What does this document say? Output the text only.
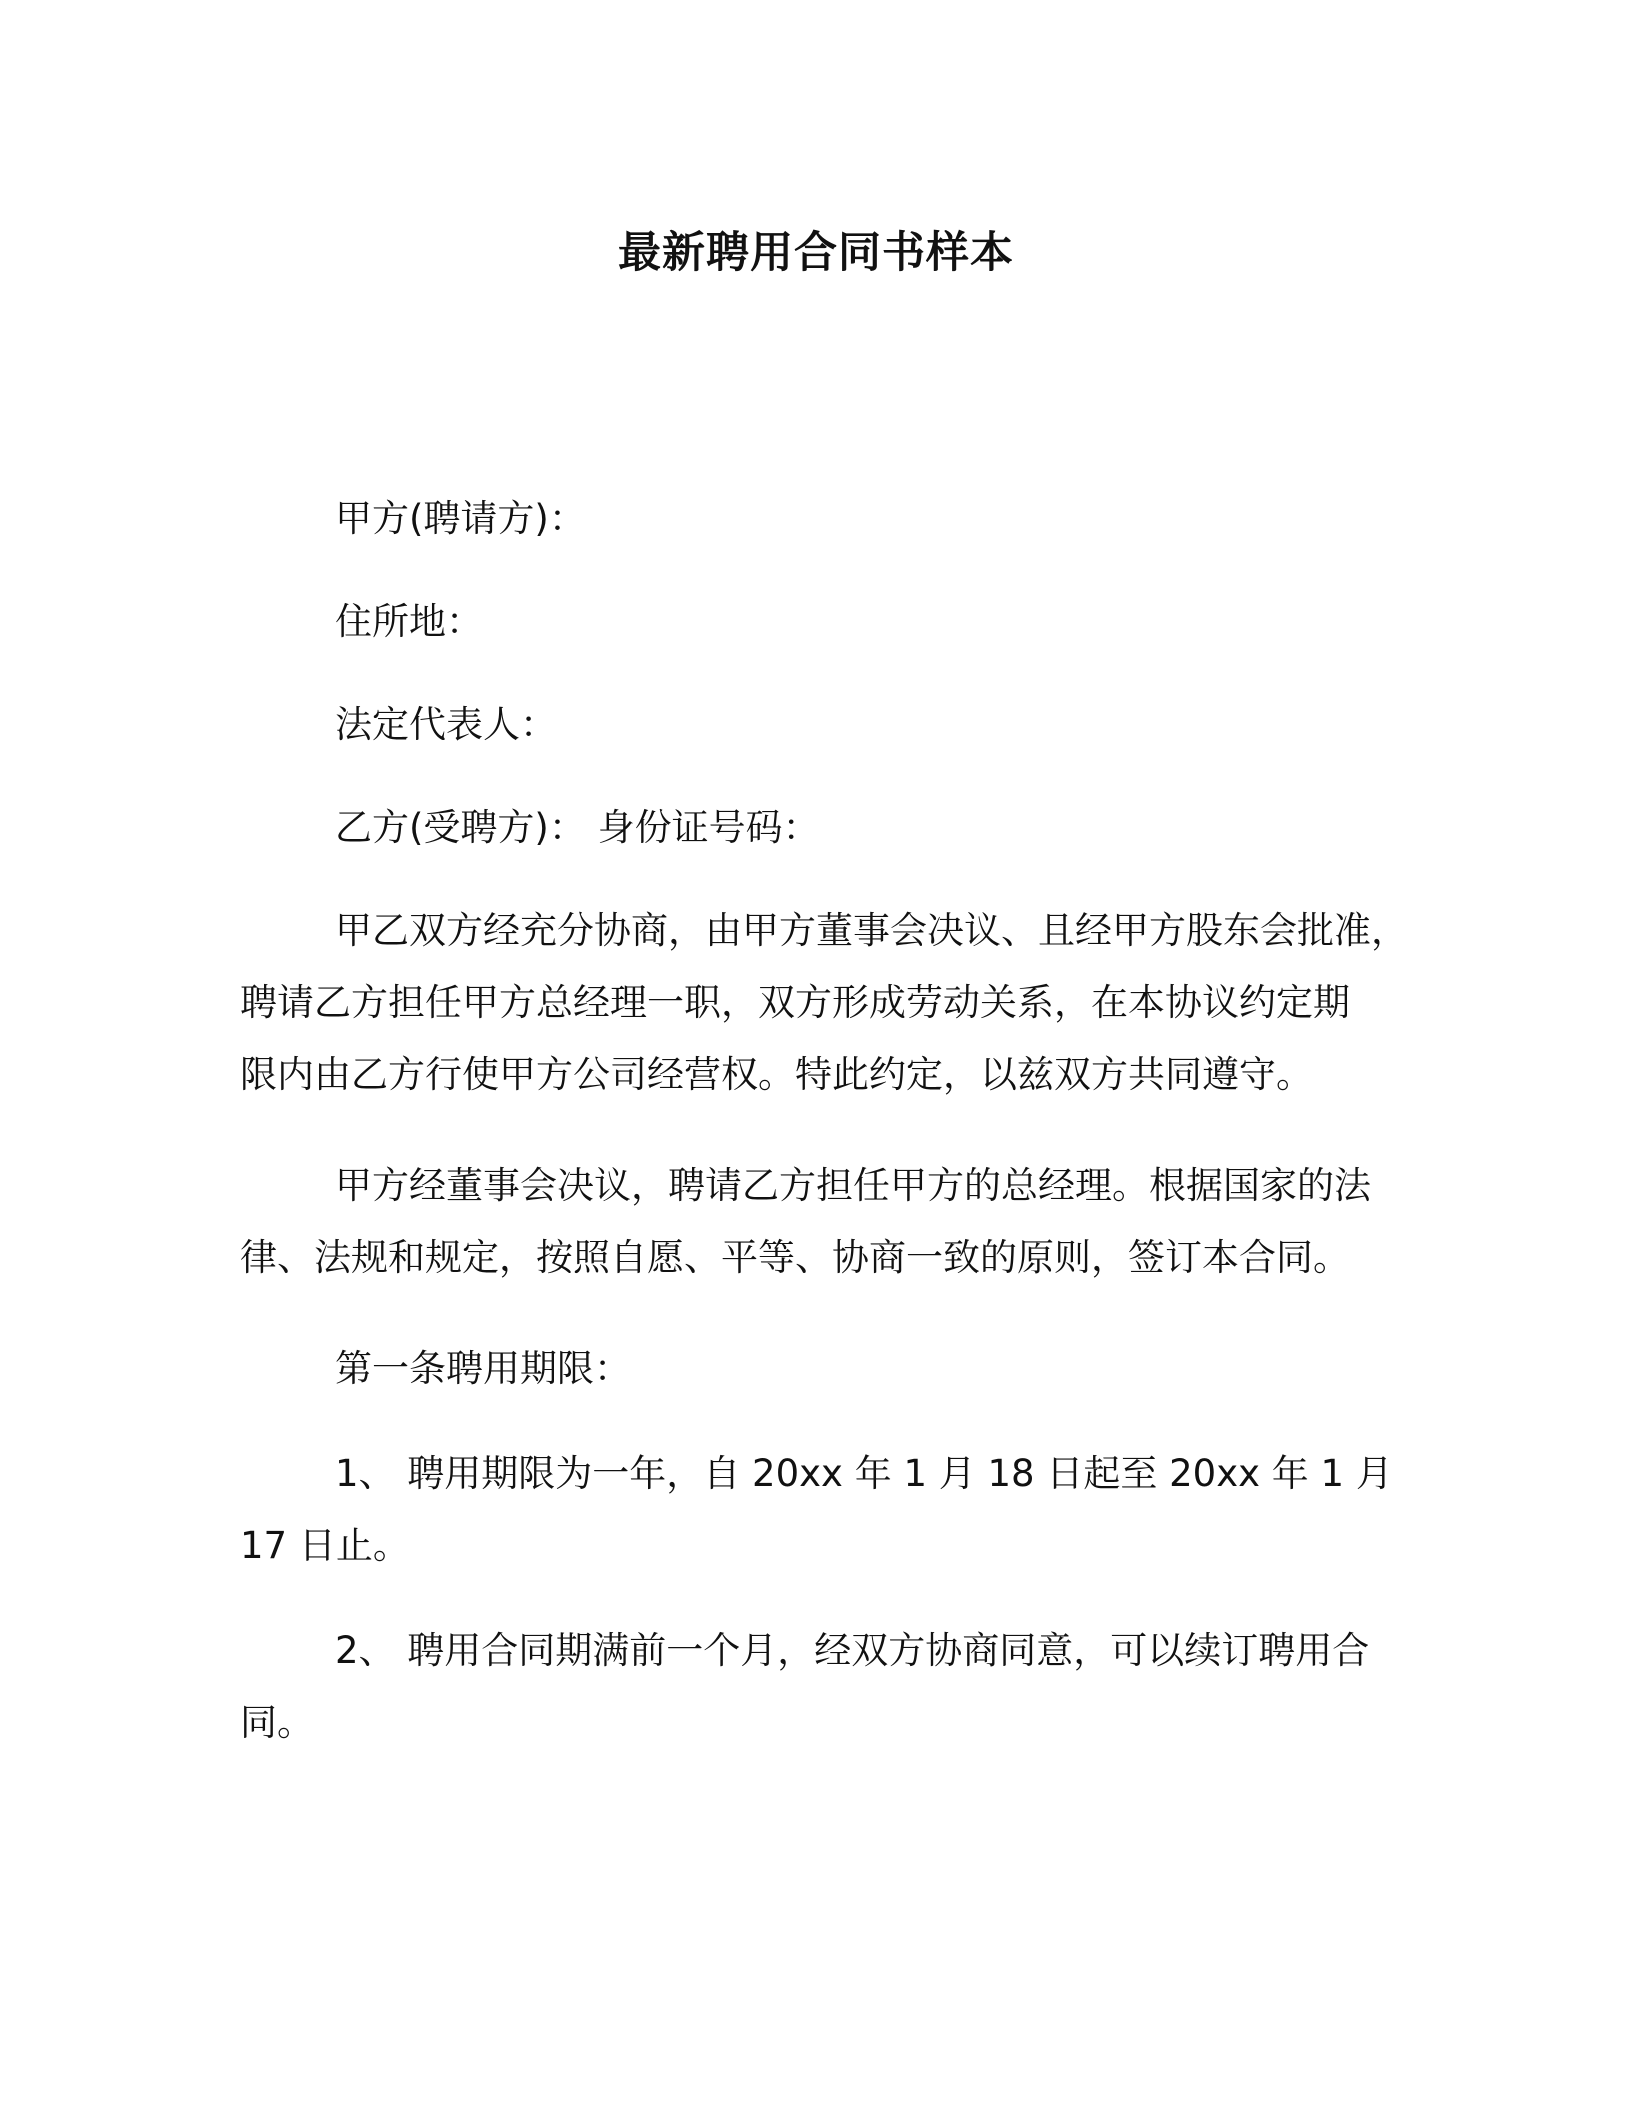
最新聘用合同书样本
甲方(聘请方)：
住所地：
法定代表人：
乙方(受聘方)： 身份证号码：
甲乙双方经充分协商，由甲方董事会决议、且经甲方股东会批准，
聘请乙方担任甲方总经理一职，双方形成劳动关系，在本协议约定期
限内由乙方行使甲方公司经营权。特此约定，以兹双方共同遵守。
甲方经董事会决议，聘请乙方担任甲方的总经理。根据国家的法
律、法规和规定，按照自愿、平等、协商一致的原则，签订本合同。
第一条聘用期限：
1、 聘用期限为一年，自 20xx 年 1 月 18 日起至 20xx 年 1 月
17 日止。
2、 聘用合同期满前一个月，经双方协商同意，可以续订聘用合
同。
